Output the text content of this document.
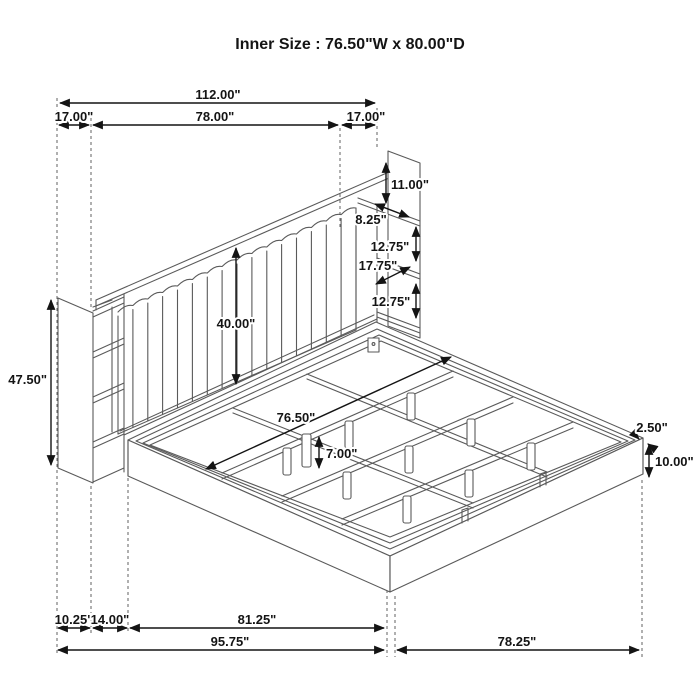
Inner Size : 76.50"W x 80.00"D
112.00"
17.00"	78.00"	17.00"
47.50"
40.00"
11.00"
8.25"
12.75"
17.75"
12.75"
76.50"
7.00"
2.50"
10.00"
10.25"
14.00"	81.25"
95.75"	78.25"
